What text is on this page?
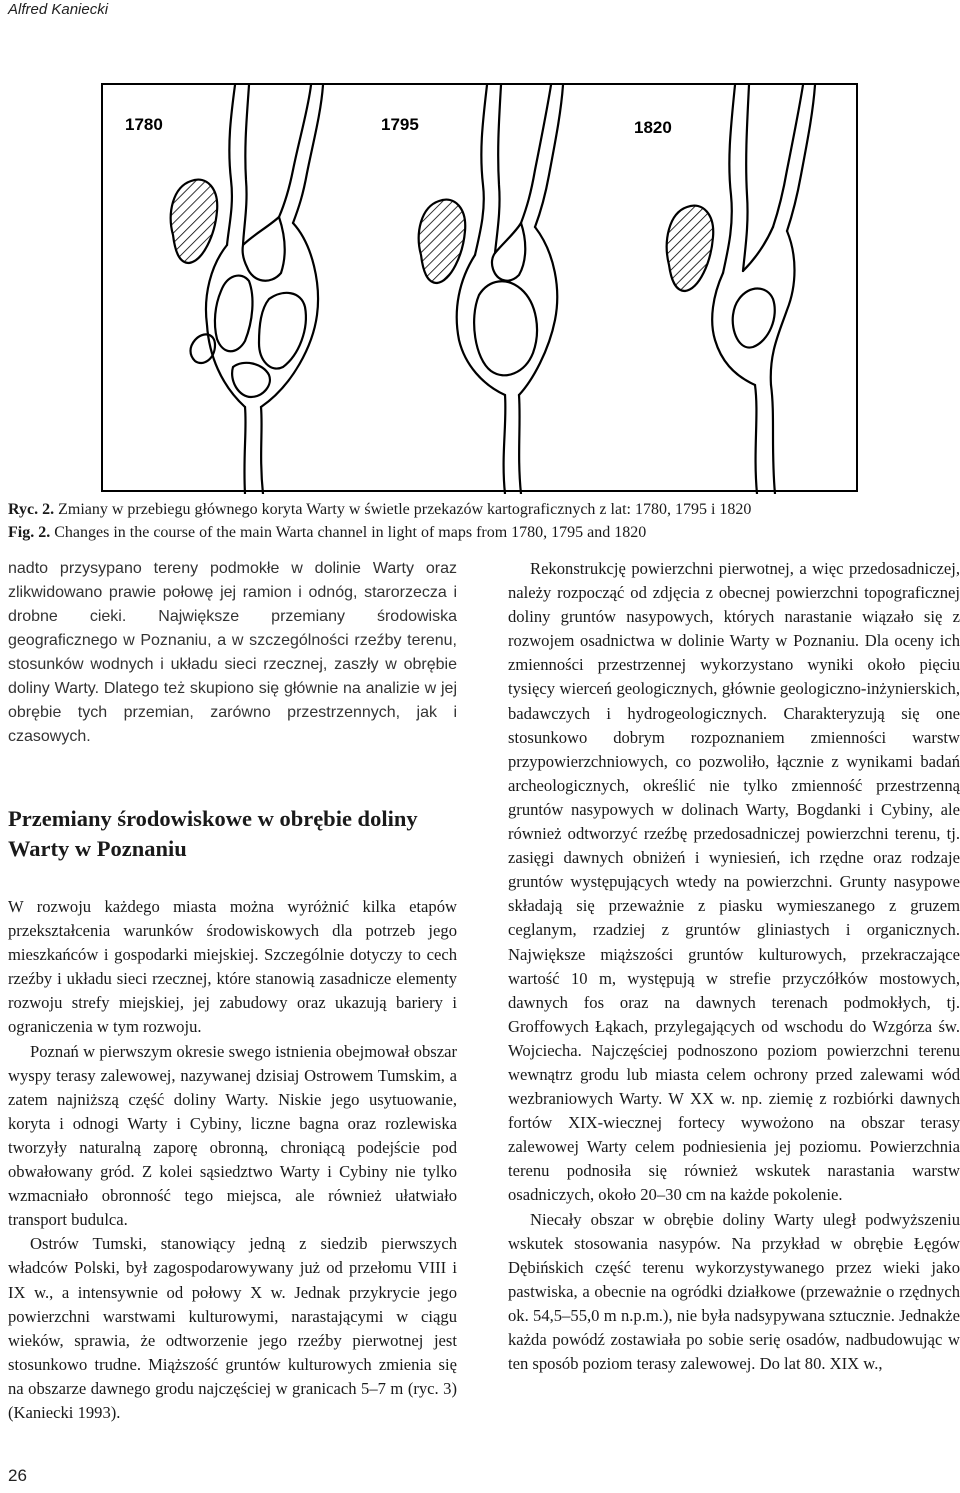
Alfred Kaniecki
1780	1795	1820
Ryc. 2. Zmiany w przebiegu głównego koryta Warty w świetle przekazów kartograficznych z lat: 1780, 1795 i 1820
Fig. 2. Changes in the course of the main Warta channel in light of maps from 1780, 1795 and 1820

nadto przysypano tereny podmokłe w dolinie Warty oraz zlikwidowano prawie połowę jej ramion i odnóg, starorzecza i drobne cieki. Największe przemiany środowiska geograficznego w Poznaniu, a w szczególności rzeźby terenu, stosunków wodnych i układu sieci rzecznej, zaszły w obrębie doliny Warty. Dlatego też skupiono się głównie na analizie w jej obrębie tych przemian, zarówno przestrzennych, jak i czasowych.

Przemiany środowiskowe w obrębie doliny Warty w Poznaniu

W rozwoju każdego miasta można wyróżnić kilka etapów przekształcenia warunków środowiskowych dla potrzeb jego mieszkańców i gospodarki miejskiej. Szczególnie dotyczy to cech rzeźby i układu sieci rzecznej, które stanowią zasadnicze elementy rozwoju strefy miejskiej, jej zabudowy oraz ukazują bariery i ograniczenia w tym rozwoju.

Poznań w pierwszym okresie swego istnienia obejmował obszar wyspy terasy zalewowej, nazywanej dzisiaj Ostrowem Tumskim, a zatem najniższą część doliny Warty. Niskie jego usytuowanie, koryta i odnogi Warty i Cybiny, liczne bagna oraz rozlewiska tworzyły naturalną zaporę obronną, chroniącą podejście pod obwałowany gród. Z kolei sąsiedztwo Warty i Cybiny nie tylko wzmacniało obronność tego miejsca, ale również ułatwiało transport budulca.

Ostrów Tumski, stanowiący jedną z siedzib pierwszych władców Polski, był zagospodarowywany już od przełomu VIII i IX w., a intensywnie od połowy X w. Jednak przykrycie jego powierzchni warstwami kulturowymi, narastającymi w ciągu wieków, sprawia, że odtworzenie jego rzeźby pierwotnej jest stosunkowo trudne. Miąższość gruntów kulturowych zmienia się na obszarze dawnego grodu najczęściej w granicach 5–7 m (ryc. 3) (Kaniecki 1993).

Rekonstrukcję powierzchni pierwotnej, a więc przedosadniczej, należy rozpocząć od zdjęcia z obecnej powierzchni topograficznej doliny gruntów nasypowych, których narastanie wiązało się z rozwojem osadnictwa w dolinie Warty w Poznaniu. Dla oceny ich zmienności przestrzennej wykorzystano wyniki około pięciu tysięcy wierceń geologicznych, głównie geologiczno-inżynierskich, badawczych i hydrogeologicznych. Charakteryzują się one stosunkowo dobrym rozpoznaniem zmienności warstw przypowierzchniowych, co pozwoliło, łącznie z wynikami badań archeologicznych, określić nie tylko zmienność przestrzenną gruntów nasypowych w dolinach Warty, Bogdanki i Cybiny, ale również odtworzyć rzeźbę przedosadniczej powierzchni terenu, tj. zasięgi dawnych obniżeń i wyniesień, ich rzędne oraz rodzaje gruntów występujących wtedy na powierzchni. Grunty nasypowe składają się przeważnie z piasku wymieszanego z gruzem ceglanym, rzadziej z gruntów gliniastych i organicznych. Największe miąższości gruntów kulturowych, przekraczające wartość 10 m, występują w strefie przyczółków mostowych, dawnych fos oraz na dawnych terenach podmokłych, tj. Groffowych Łąkach, przylegających od wschodu do Wzgórza św. Wojciecha. Najczęściej podnoszono poziom powierzchni terenu wewnątrz grodu lub miasta celem ochrony przed zalewami wód wezbraniowych Warty. W XX w. np. ziemię z rozbiórki dawnych fortów XIX-wiecznej fortecy wywożono na obszar terasy zalewowej Warty celem podniesienia jej poziomu. Powierzchnia terenu podnosiła się również wskutek narastania warstw osadniczych, około 20–30 cm na każde pokolenie.

Niecały obszar w obrębie doliny Warty uległ podwyższeniu wskutek stosowania nasypów. Na przykład w obrębie Łęgów Dębińskich część terenu wykorzystywanego przez wieki jako pastwiska, a obecnie na ogródki działkowe (przeważnie o rzędnych ok. 54,5–55,0 m n.p.m.), nie była nadsypywana sztucznie. Jednakże każda powódź zostawiała po sobie serię osadów, nadbudowując w ten sposób poziom terasy zalewowej. Do lat 80. XIX w.,

26
